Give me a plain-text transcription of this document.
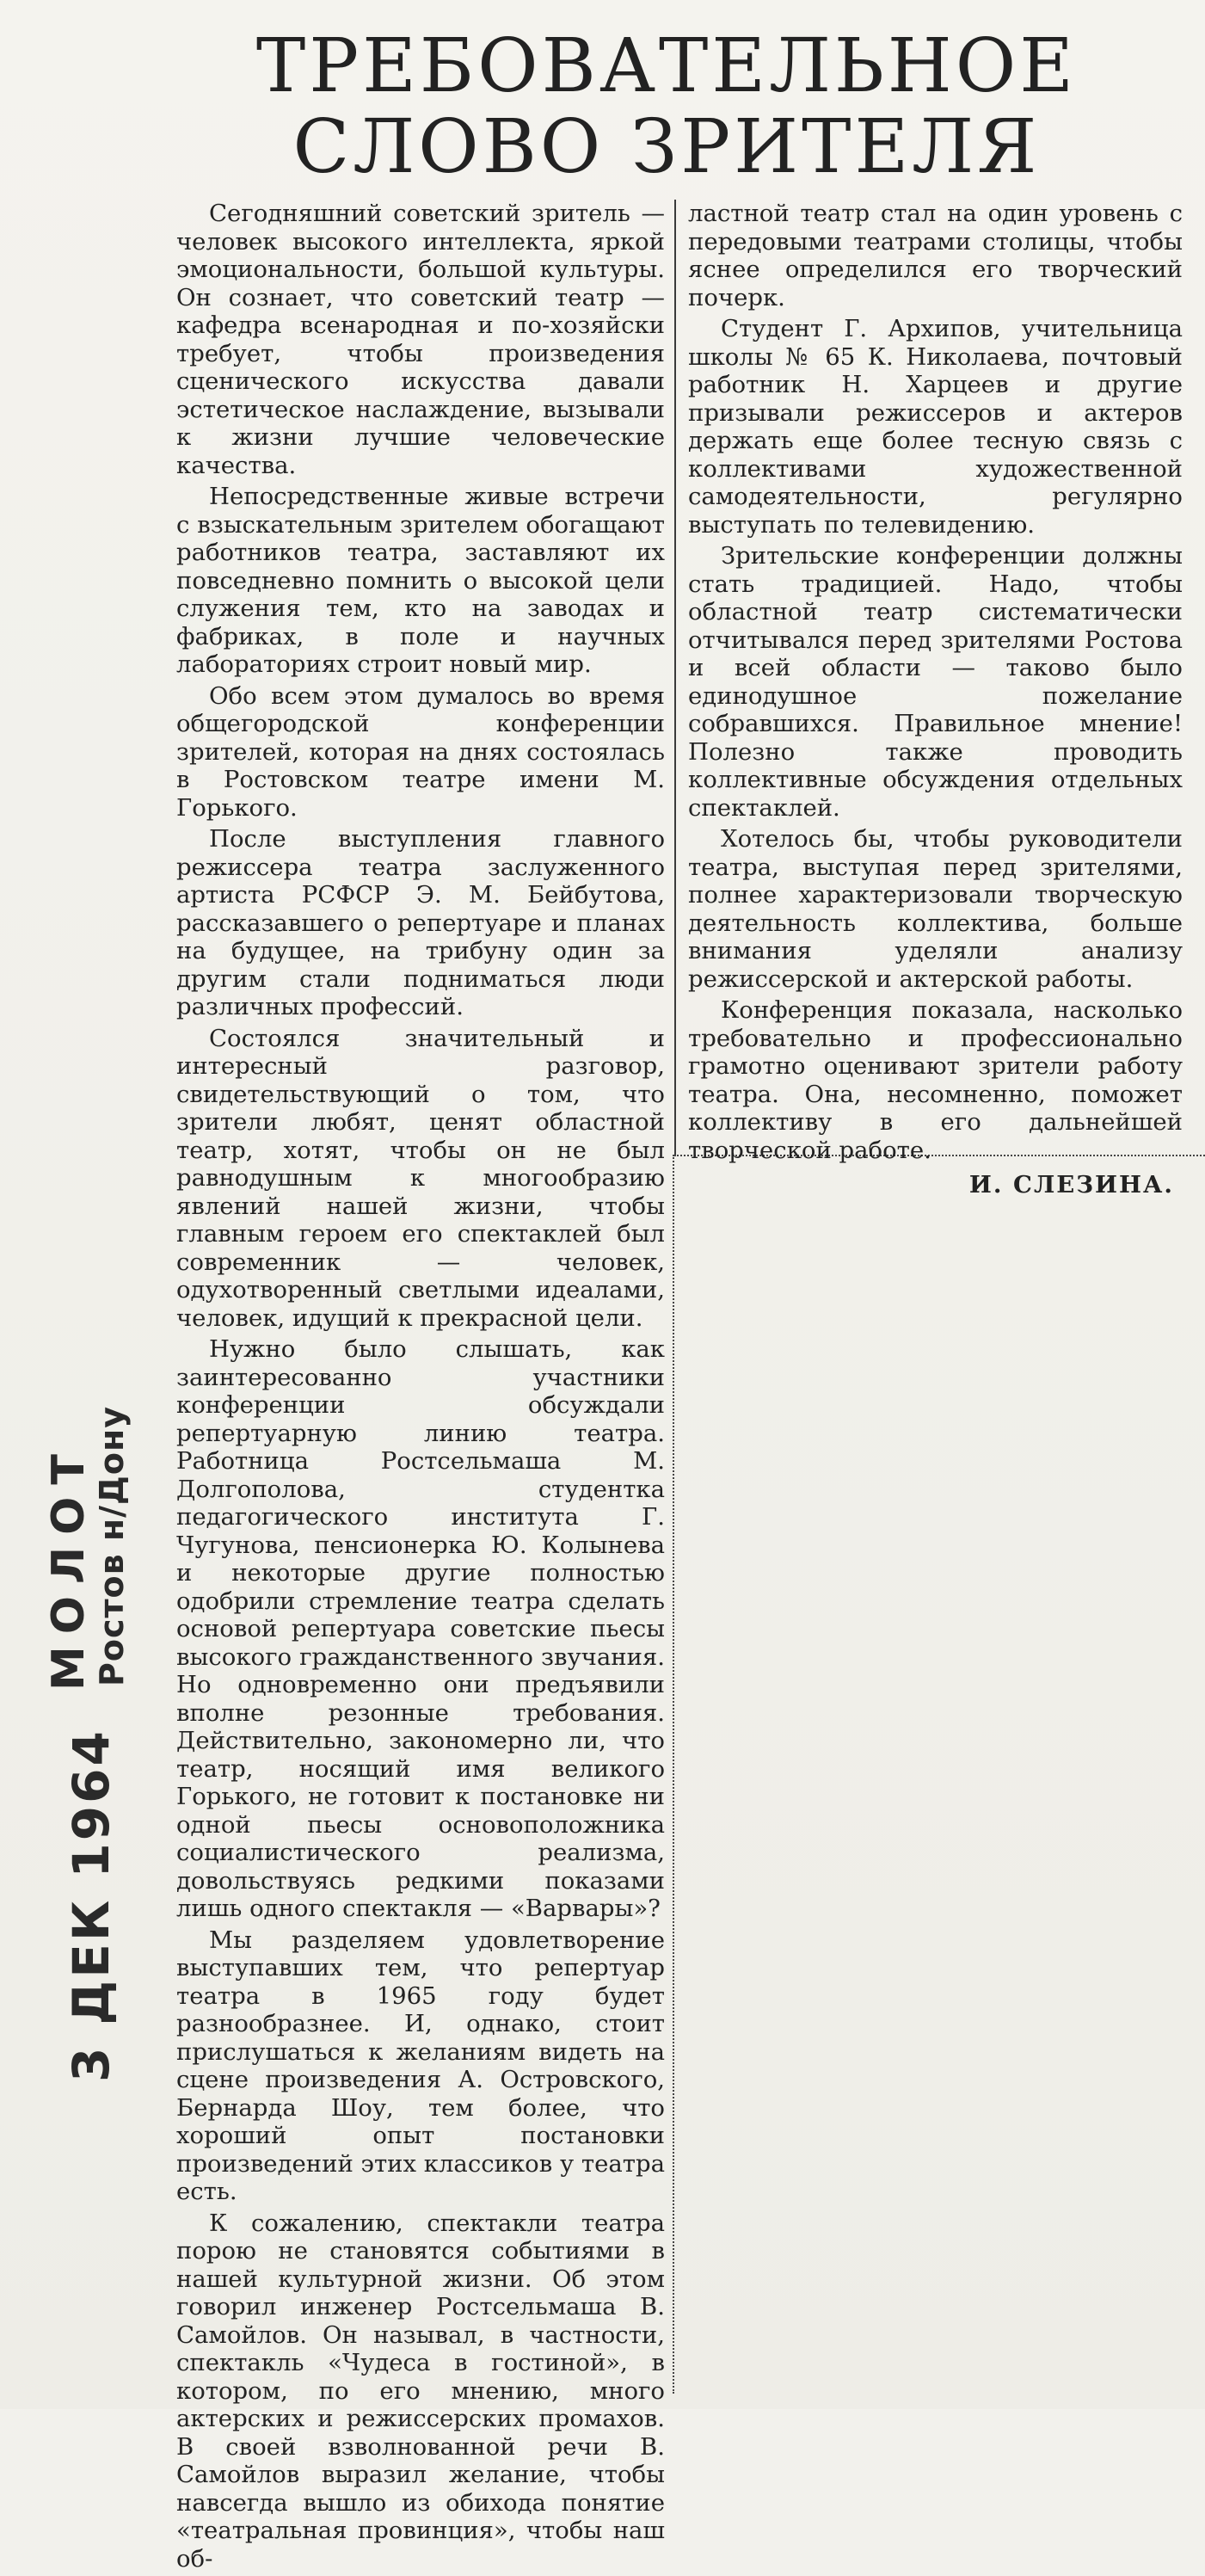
ТРЕБОВАТЕЛЬНОЕ
СЛОВО ЗРИТЕЛЯ

Сегодняшний советский зритель — человек высокого интеллекта, яркой эмоциональности, большой культуры. Он сознает, что советский театр — кафедра всенародная и по-хозяйски требует, чтобы произведения сценического искусства давали эстетическое наслаждение, вызывали к жизни лучшие человеческие качества.

Непосредственные живые встречи с взыскательным зрителем обогащают работников театра, заставляют их повседневно помнить о высокой цели служения тем, кто на заводах и фабриках, в поле и научных лабораториях строит новый мир.

Обо всем этом думалось во время общегородской конференции зрителей, которая на днях состоялась в Ростовском театре имени М. Горького.

После выступления главного режиссера театра заслуженного артиста РСФСР Э. М. Бейбутова, рассказавшего о репертуаре и планах на будущее, на трибуну один за другим стали подниматься люди различных профессий.

Состоялся значительный и интересный разговор, свидетельствующий о том, что зрители любят, ценят областной театр, хотят, чтобы он не был равнодушным к многообразию явлений нашей жизни, чтобы главным героем его спектаклей был современник — человек, одухотворенный светлыми идеалами, человек, идущий к прекрасной цели.

Нужно было слышать, как заинтересованно участники конференции обсуждали репертуарную линию театра. Работница Ростсельмаша М. Долгополова, студентка педагогического института Г. Чугунова, пенсионерка Ю. Колынева и некоторые другие полностью одобрили стремление театра сделать основой репертуара советские пьесы высокого гражданственного звучания. Но одновременно они предъявили вполне резонные требования. Действительно, закономерно ли, что театр, носящий имя великого Горького, не готовит к постановке ни одной пьесы основоположника социалистического реализма, довольствуясь редкими показами лишь одного спектакля — «Варвары»?

Мы разделяем удовлетворение выступавших тем, что репертуар театра в 1965 году будет разнообразнее. И, однако, стоит прислушаться к желаниям видеть на сцене произведения А. Островского, Бернарда Шоу, тем более, что хороший опыт постановки произведений этих классиков у театра есть.

К сожалению, спектакли театра порою не становятся событиями в нашей культурной жизни. Об этом говорил инженер Ростсельмаша В. Самойлов. Он называл, в частности, спектакль «Чудеса в гостиной», в котором, по его мнению, много актерских и режиссерских промахов. В своей взволнованной речи В. Самойлов выразил желание, чтобы навсегда вышло из обихода понятие «театральная провинция», чтобы наш об-

ластной театр стал на один уровень с передовыми театрами столицы, чтобы яснее определился его творческий почерк.

Студент Г. Архипов, учительница школы № 65 К. Николаева, почтовый работник Н. Харцеев и другие призывали режиссеров и актеров держать еще более тесную связь с коллективами художественной самодеятельности, регулярно выступать по телевидению.

Зрительские конференции должны стать традицией. Надо, чтобы областной театр систематически отчитывался перед зрителями Ростова и всей области — таково было единодушное пожелание собравшихся. Правильное мнение! Полезно также проводить коллективные обсуждения отдельных спектаклей.

Хотелось бы, чтобы руководители театра, выступая перед зрителями, полнее характеризовали творческую деятельность коллектива, больше внимания уделяли анализу режиссерской и актерской работы.

Конференция показала, насколько требовательно и профессионально грамотно оценивают зрители работу театра. Она, несомненно, поможет коллективу в его дальнейшей творческой работе.

И. СЛЕЗИНА.
МОЛОТ
Ростов н/Дону
3 ДЕК 1964
